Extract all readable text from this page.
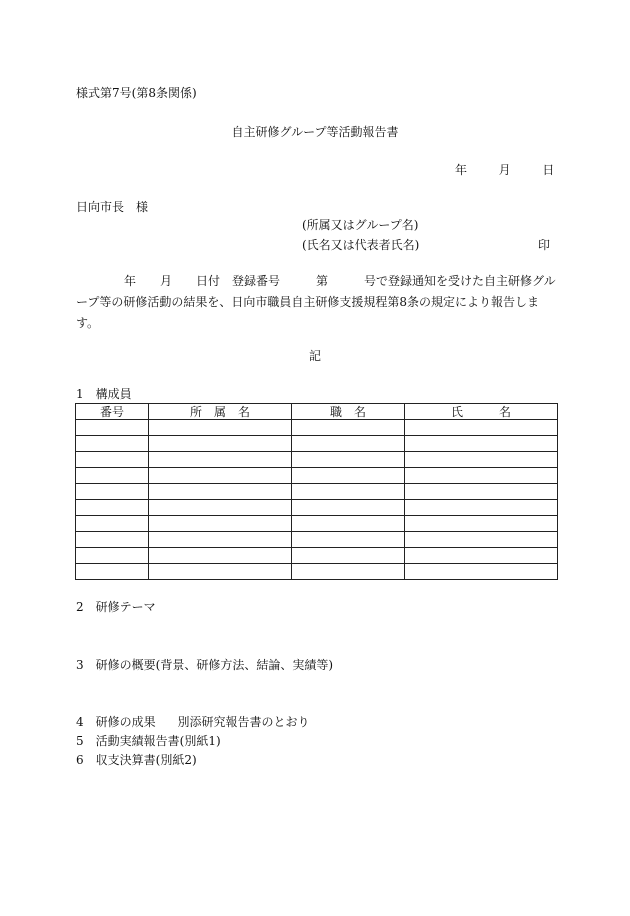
様式第7号(第8条関係)
自主研修グループ等活動報告書
年	月	日
日向市長　様
(所属又はグループ名)
(氏名又は代表者氏名)	印
　　　　年　　月　　日付　登録番号　　　第　　　号で登録通知を受けた自主研修グループ等の研修活動の結果を、日向市職員自主研修支援規程第8条の規定により報告します。
記
1　構成員
番号	所　属　名	職　名	氏　　　名

2　研修テーマ
3　研修の概要(背景、研修方法、結論、実績等)
4　研修の成果 別添研究報告書のとおり
5　活動実績報告書(別紙1)
6　収支決算書(別紙2)
